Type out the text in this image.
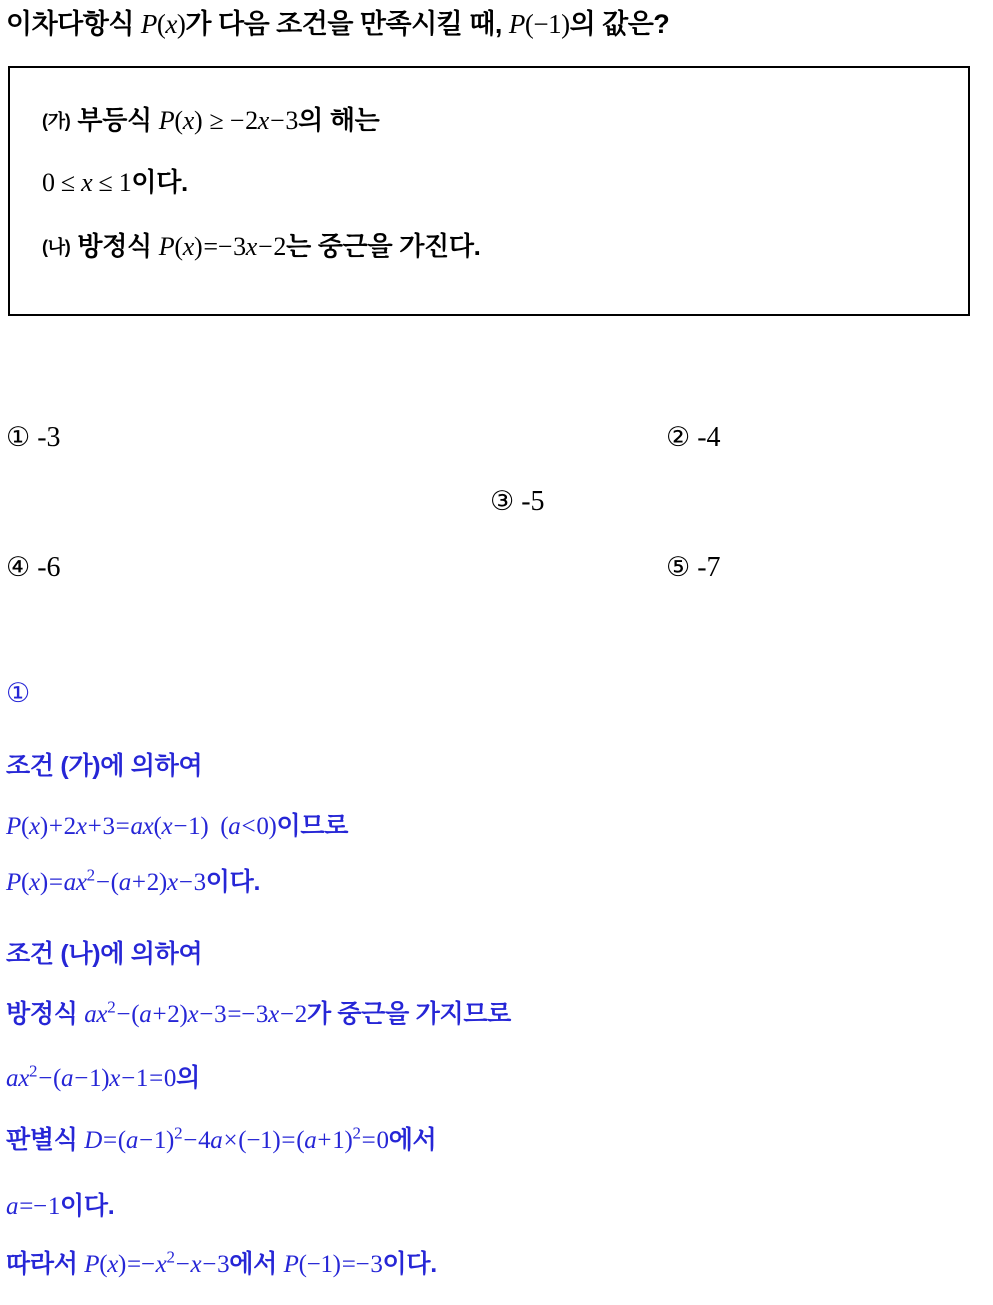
이차다항식 P(x)가 다음 조건을 만족시킬 때, P(−1)의 값은?
(가) 부등식 P(x) ≥ −2x−3의 해는
0 ≤ x ≤ 1이다.
(나) 방정식 P(x)=−3x−2는 중근을 가진다.
① -3	② -4
③ -5
④ -6	⑤ -7
①
조건 (가)에 의하여
P(x)+2x+3=ax(x−1)  (a<0)이므로
$P(x)=ax^2-(a+2)x-3$이다.
조건 (나)에 의하여
방정식 $ax^2-(a+2)x-3=-3x-2$가 중근을 가지므로
$ax^2-(a-1)x-1=0$의
판별식 $D=(a-1)^2-4a\times(-1)=(a+1)^2=0$에서
a=−1이다.
따라서 $P(x)=-x^2-x-3$에서 P(−1)=−3이다.
